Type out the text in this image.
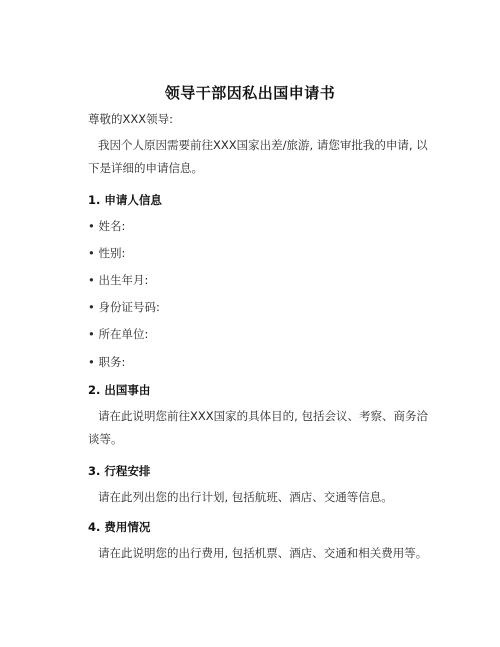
领导干部因私出国申请书
尊敬的XXX领导:
我因个人原因需要前往XXX国家出差/旅游, 请您审批我的申请, 以下是详细的申请信息。
1. 申请人信息
• 姓名:
• 性别:
• 出生年月:
• 身份证号码:
• 所在单位:
• 职务:
2. 出国事由
请在此说明您前往XXX国家的具体目的, 包括会议、考察、商务洽谈等。
3. 行程安排
请在此列出您的出行计划, 包括航班、酒店、交通等信息。
4. 费用情况
请在此说明您的出行费用, 包括机票、酒店、交通和相关费用等。
